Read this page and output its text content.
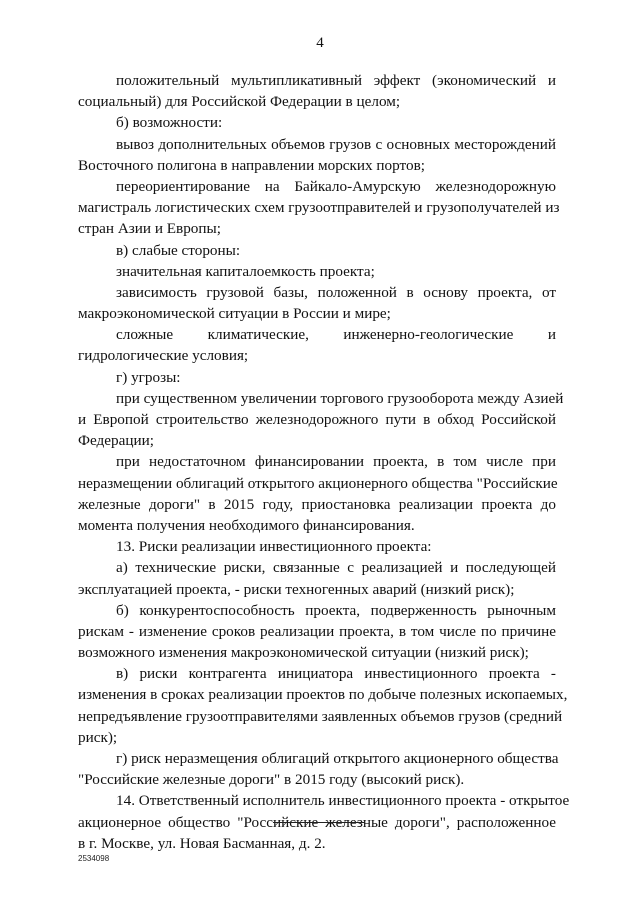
4
положительный мультипликативный эффект (экономический и
социальный) для Российской Федерации в целом;
б) возможности:
вывоз дополнительных объемов грузов с основных месторождений
Восточного полигона в направлении морских портов;
переориентирование на Байкало-Амурскую железнодорожную
магистраль логистических схем грузоотправителей и грузополучателей из
стран Азии и Европы;
в) слабые стороны:
значительная капиталоемкость проекта;
зависимость грузовой базы, положенной в основу проекта, от
макроэкономической ситуации в России и мире;
сложные климатические, инженерно-геологические и
гидрологические условия;
г) угрозы:
при существенном увеличении торгового грузооборота между Азией
и Европой строительство железнодорожного пути в обход Российской
Федерации;
при недостаточном финансировании проекта, в том числе при
неразмещении облигаций открытого акционерного общества "Российские
железные дороги" в 2015 году, приостановка реализации проекта до
момента получения необходимого финансирования.
13. Риски реализации инвестиционного проекта:
а) технические риски, связанные с реализацией и последующей
эксплуатацией проекта, - риски техногенных аварий (низкий риск);
б) конкурентоспособность проекта, подверженность рыночным
рискам - изменение сроков реализации проекта, в том числе по причине
возможного изменения макроэкономической ситуации (низкий риск);
в) риски контрагента инициатора инвестиционного проекта -
изменения в сроках реализации проектов по добыче полезных ископаемых,
непредъявление грузоотправителями заявленных объемов грузов (средний
риск);
г) риск неразмещения облигаций открытого акционерного общества
"Российские железные дороги" в 2015 году (высокий риск).
14. Ответственный исполнитель инвестиционного проекта - открытое
акционерное общество "Российские железные дороги", расположенное
в г. Москве, ул. Новая Басманная, д. 2.
2534098
